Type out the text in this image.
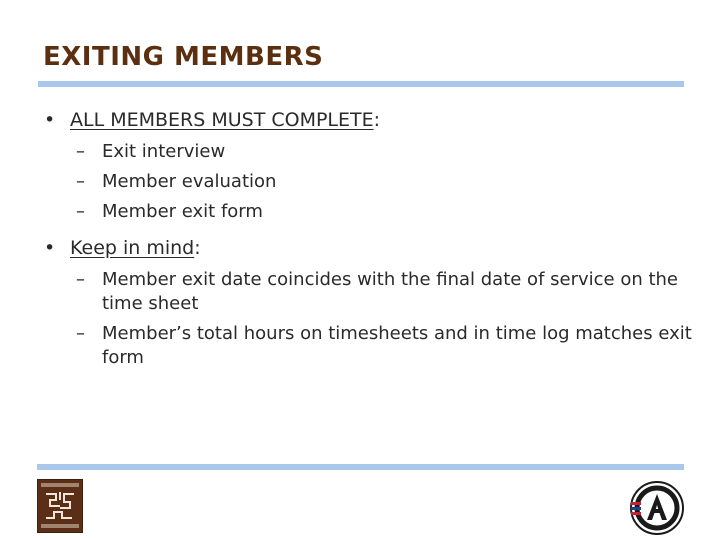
EXITING MEMBERS
• ALL MEMBERS MUST COMPLETE:
– Exit interview
– Member evaluation
– Member exit form
• Keep in mind:
– Member exit date coincides with the final date of service on the time sheet
– Member’s total hours on timesheets and in time log matches exit form
